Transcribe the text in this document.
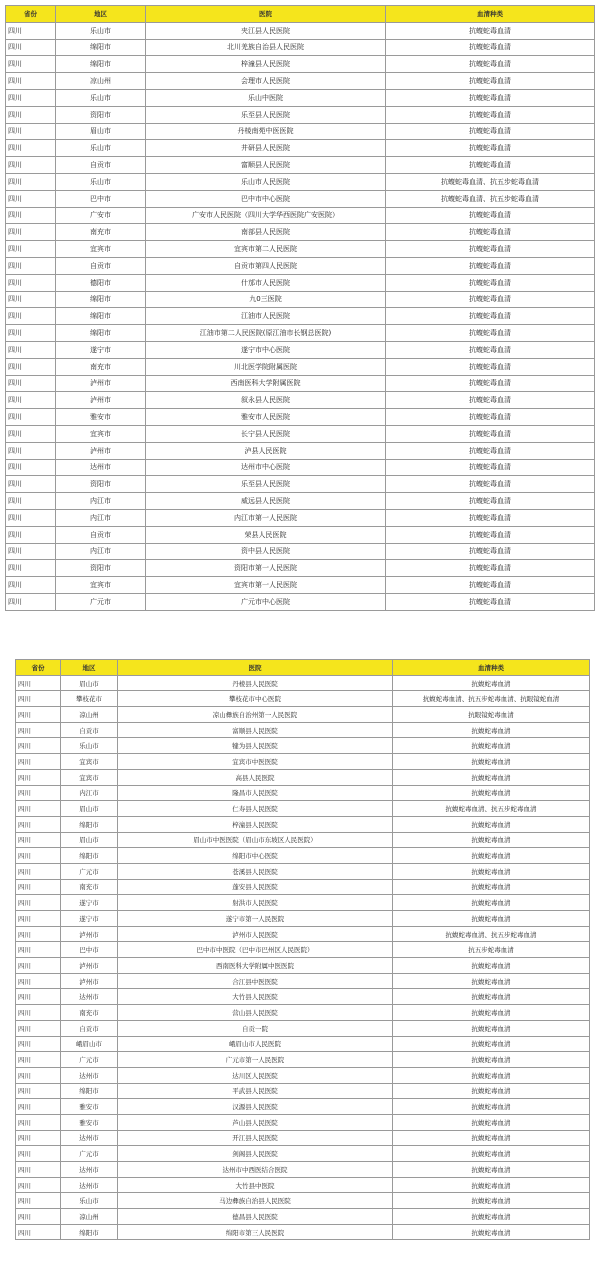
省份	地区	医院	血清种类
四川	乐山市	夹江县人民医院	抗蝮蛇毒血清
四川	绵阳市	北川羌族自治县人民医院	抗蝮蛇毒血清
四川	绵阳市	梓潼县人民医院	抗蝮蛇毒血清
四川	凉山州	会理市人民医院	抗蝮蛇毒血清
四川	乐山市	乐山中医院	抗蝮蛇毒血清
四川	资阳市	乐至县人民医院	抗蝮蛇毒血清
四川	眉山市	丹棱南苑中医医院	抗蝮蛇毒血清
四川	乐山市	井研县人民医院	抗蝮蛇毒血清
四川	自贡市	富顺县人民医院	抗蝮蛇毒血清
四川	乐山市	乐山市人民医院	抗蝮蛇毒血清、抗五步蛇毒血清
四川	巴中市	巴中市中心医院	抗蝮蛇毒血清、抗五步蛇毒血清
四川	广安市	广安市人民医院（四川大学华西医院广安医院）	抗蝮蛇毒血清
四川	南充市	南部县人民医院	抗蝮蛇毒血清
四川	宜宾市	宜宾市第二人民医院	抗蝮蛇毒血清
四川	自贡市	自贡市第四人民医院	抗蝮蛇毒血清
四川	德阳市	什邡市人民医院	抗蝮蛇毒血清
四川	绵阳市	九0三医院	抗蝮蛇毒血清
四川	绵阳市	江油市人民医院	抗蝮蛇毒血清
四川	绵阳市	江油市第二人民医院(原江油市长钢总医院)	抗蝮蛇毒血清
四川	遂宁市	遂宁市中心医院	抗蝮蛇毒血清
四川	南充市	川北医学院附属医院	抗蝮蛇毒血清
四川	泸州市	西南医科大学附属医院	抗蝮蛇毒血清
四川	泸州市	叙永县人民医院	抗蝮蛇毒血清
四川	雅安市	雅安市人民医院	抗蝮蛇毒血清
四川	宜宾市	长宁县人民医院	抗蝮蛇毒血清
四川	泸州市	泸县人民医院	抗蝮蛇毒血清
四川	达州市	达州市中心医院	抗蝮蛇毒血清
四川	资阳市	乐至县人民医院	抗蝮蛇毒血清
四川	内江市	威远县人民医院	抗蝮蛇毒血清
四川	内江市	内江市第一人民医院	抗蝮蛇毒血清
四川	自贡市	荣县人民医院	抗蝮蛇毒血清
四川	内江市	资中县人民医院	抗蝮蛇毒血清
四川	资阳市	资阳市第一人民医院	抗蝮蛇毒血清
四川	宜宾市	宜宾市第一人民医院	抗蝮蛇毒血清
四川	广元市	广元市中心医院	抗蝮蛇毒血清
省份	地区	医院	血清种类
四川	眉山市	丹棱县人民医院	抗蝮蛇毒血清
四川	攀枝花市	攀枝花市中心医院	抗蝮蛇毒血清、抗五步蛇毒血清、抗眼镜蛇血清
四川	凉山州	凉山彝族自治州第一人民医院	抗眼镜蛇毒血清
四川	自贡市	富顺县人民医院	抗蝮蛇毒血清
四川	乐山市	犍为县人民医院	抗蝮蛇毒血清
四川	宜宾市	宜宾市中医医院	抗蝮蛇毒血清
四川	宜宾市	高县人民医院	抗蝮蛇毒血清
四川	内江市	隆昌市人民医院	抗蝮蛇毒血清
四川	眉山市	仁寿县人民医院	抗蝮蛇毒血清、抗五步蛇毒血清
四川	绵阳市	梓潼县人民医院	抗蝮蛇毒血清
四川	眉山市	眉山市中医医院（眉山市东坡区人民医院）	抗蝮蛇毒血清
四川	绵阳市	绵阳市中心医院	抗蝮蛇毒血清
四川	广元市	苍溪县人民医院	抗蝮蛇毒血清
四川	南充市	蓬安县人民医院	抗蝮蛇毒血清
四川	遂宁市	射洪市人民医院	抗蝮蛇毒血清
四川	遂宁市	遂宁市第一人民医院	抗蝮蛇毒血清
四川	泸州市	泸州市人民医院	抗蝮蛇毒血清、抗五步蛇毒血清
四川	巴中市	巴中市中医院（巴中市巴州区人民医院）	抗五步蛇毒血清
四川	泸州市	西南医科大学附属中医医院	抗蝮蛇毒血清
四川	泸州市	合江县中医医院	抗蝮蛇毒血清
四川	达州市	大竹县人民医院	抗蝮蛇毒血清
四川	南充市	营山县人民医院	抗蝮蛇毒血清
四川	自贡市	自贡一院	抗蝮蛇毒血清
四川	峨眉山市	峨眉山市人民医院	抗蝮蛇毒血清
四川	广元市	广元市第一人民医院	抗蝮蛇毒血清
四川	达州市	达川区人民医院	抗蝮蛇毒血清
四川	绵阳市	平武县人民医院	抗蝮蛇毒血清
四川	雅安市	汉源县人民医院	抗蝮蛇毒血清
四川	雅安市	芦山县人民医院	抗蝮蛇毒血清
四川	达州市	开江县人民医院	抗蝮蛇毒血清
四川	广元市	剑阁县人民医院	抗蝮蛇毒血清
四川	达州市	达州市中西医结合医院	抗蝮蛇毒血清
四川	达州市	大竹县中医院	抗蝮蛇毒血清
四川	乐山市	马边彝族自治县人民医院	抗蝮蛇毒血清
四川	凉山州	德昌县人民医院	抗蝮蛇毒血清
四川	绵阳市	绵阳市第三人民医院	抗蝮蛇毒血清
